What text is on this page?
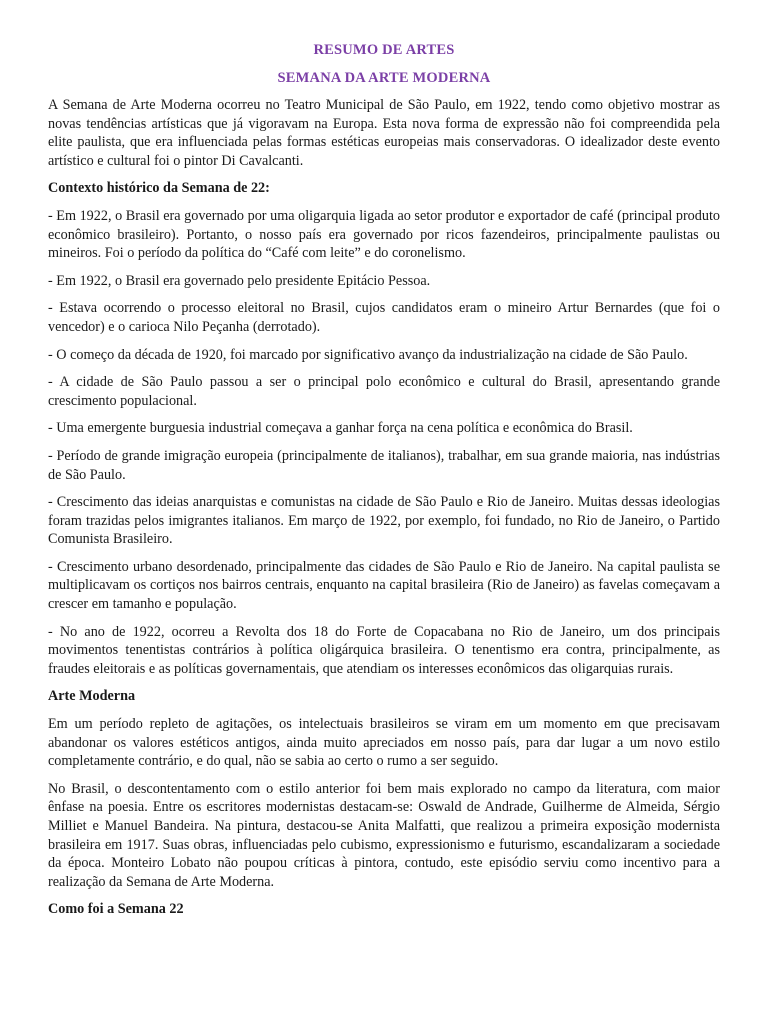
RESUMO DE ARTES
SEMANA DA ARTE MODERNA

A Semana de Arte Moderna ocorreu no Teatro Municipal de São Paulo, em 1922, tendo como objetivo mostrar as novas tendências artísticas que já vigoravam na Europa. Esta nova forma de expressão não foi compreendida pela elite paulista, que era influenciada pelas formas estéticas europeias mais conservadoras. O idealizador deste evento artístico e cultural foi o pintor Di Cavalcanti.

Contexto histórico da Semana de 22:

- Em 1922, o Brasil era governado por uma oligarquia ligada ao setor produtor e exportador de café (principal produto econômico brasileiro). Portanto, o nosso país era governado por ricos fazendeiros, principalmente paulistas ou mineiros. Foi o período da política do “Café com leite” e do coronelismo.

- Em 1922, o Brasil era governado pelo presidente Epitácio Pessoa.

- Estava ocorrendo o processo eleitoral no Brasil, cujos candidatos eram o mineiro Artur Bernardes (que foi o vencedor) e o carioca Nilo Peçanha (derrotado).

- O começo da década de 1920, foi marcado por significativo avanço da industrialização na cidade de São Paulo.

- A cidade de São Paulo passou a ser o principal polo econômico e cultural do Brasil, apresentando grande crescimento populacional.

- Uma emergente burguesia industrial começava a ganhar força na cena política e econômica do Brasil.

- Período de grande imigração europeia (principalmente de italianos), trabalhar, em sua grande maioria, nas indústrias de São Paulo.

- Crescimento das ideias anarquistas e comunistas na cidade de São Paulo e Rio de Janeiro. Muitas dessas ideologias foram trazidas pelos imigrantes italianos. Em março de 1922, por exemplo, foi fundado, no Rio de Janeiro, o Partido Comunista Brasileiro.

- Crescimento urbano desordenado, principalmente das cidades de São Paulo e Rio de Janeiro. Na capital paulista se multiplicavam os cortiços nos bairros centrais, enquanto na capital brasileira (Rio de Janeiro) as favelas começavam a crescer em tamanho e população.

- No ano de 1922, ocorreu a Revolta dos 18 do Forte de Copacabana no Rio de Janeiro, um dos principais movimentos tenentistas contrários à política oligárquica brasileira. O tenentismo era contra, principalmente, as fraudes eleitorais e as políticas governamentais, que atendiam os interesses econômicos das oligarquias rurais.

Arte Moderna

Em um período repleto de agitações, os intelectuais brasileiros se viram em um momento em que precisavam abandonar os valores estéticos antigos, ainda muito apreciados em nosso país, para dar lugar a um novo estilo completamente contrário, e do qual, não se sabia ao certo o rumo a ser seguido.

No Brasil, o descontentamento com o estilo anterior foi bem mais explorado no campo da literatura, com maior ênfase na poesia. Entre os escritores modernistas destacam-se: Oswald de Andrade, Guilherme de Almeida, Sérgio Milliet e Manuel Bandeira. Na pintura, destacou-se Anita Malfatti, que realizou a primeira exposição modernista brasileira em 1917. Suas obras, influenciadas pelo cubismo, expressionismo e futurismo, escandalizaram a sociedade da época. Monteiro Lobato não poupou críticas à pintora, contudo, este episódio serviu como incentivo para a realização da Semana de Arte Moderna.

Como foi a Semana 22
